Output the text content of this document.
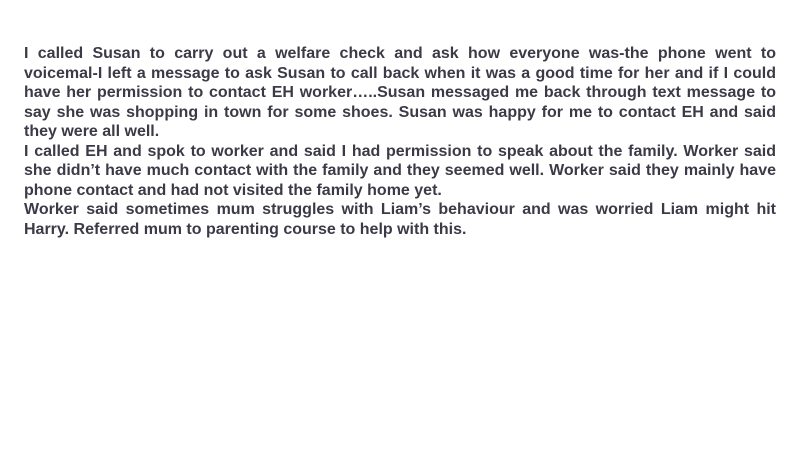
I called Susan to carry out a welfare check and ask how everyone was-the phone went to voicemal-I left a message to ask Susan to call back when it was a good time for her and if I could have her permission to contact EH worker…..Susan messaged me back through text message to say she was shopping in town for some shoes. Susan was happy for me to contact EH and said they were all well.

I called EH and spok to worker and said I had permission to speak about the family. Worker said she didn’t have much contact with the family and they seemed well. Worker said they mainly have phone contact and had not visited the family home yet.

Worker said sometimes mum struggles with Liam’s behaviour and was worried Liam might hit Harry. Referred mum to parenting course to help with this.
